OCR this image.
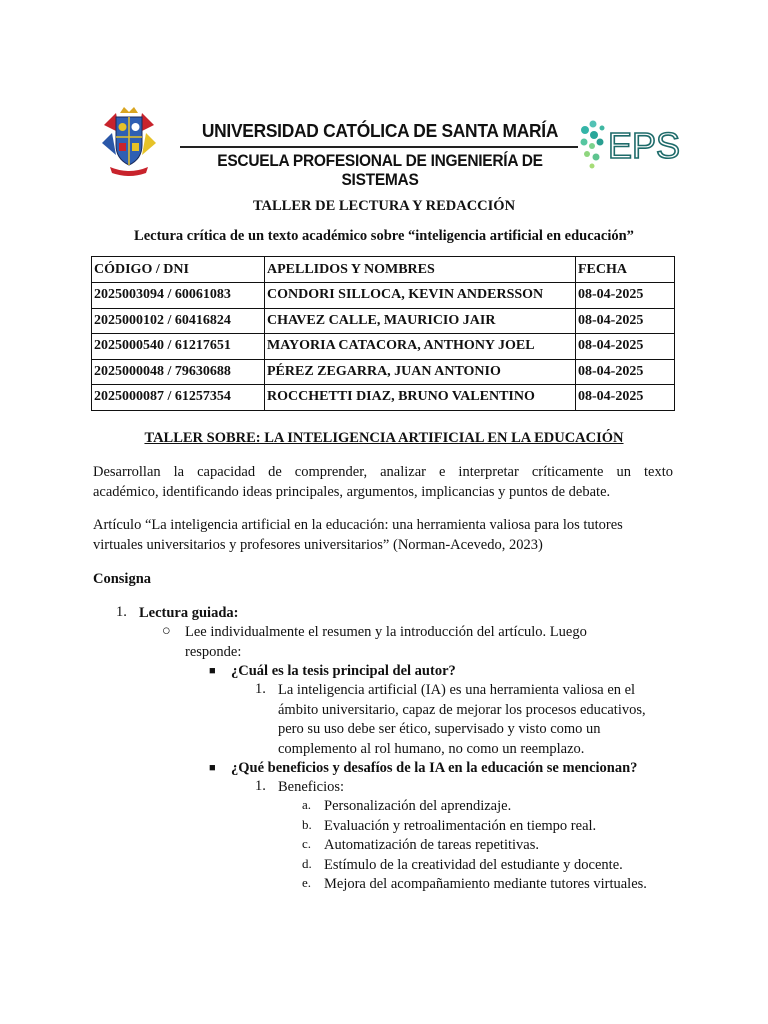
UNIVERSIDAD CATÓLICA DE SANTA MARÍA
ESCUELA PROFESIONAL DE INGENIERÍA DE SISTEMAS
EPS
TALLER DE LECTURA Y REDACCIÓN
Lectura crítica de un texto académico sobre “inteligencia artificial en educación”
CÓDIGO / DNI	APELLIDOS Y NOMBRES	FECHA
2025003094 / 60061083	CONDORI SILLOCA, KEVIN ANDERSSON	08-04-2025
2025000102 / 60416824	CHAVEZ CALLE, MAURICIO JAIR	08-04-2025
2025000540 / 61217651	MAYORIA CATACORA, ANTHONY JOEL	08-04-2025
2025000048 / 79630688	PÉREZ ZEGARRA, JUAN ANTONIO	08-04-2025
2025000087 / 61257354	ROCCHETTI DIAZ, BRUNO VALENTINO	08-04-2025
TALLER SOBRE: LA INTELIGENCIA ARTIFICIAL EN LA EDUCACIÓN
Desarrollan la capacidad de comprender, analizar e interpretar críticamente un texto
académico, identificando ideas principales, argumentos, implicancias y puntos de debate.
Artículo “La inteligencia artificial en la educación: una herramienta valiosa para los tutores
virtuales universitarios y profesores universitarios” (Norman-Acevedo, 2023)
Consigna
1. Lectura guiada:
○ Lee individualmente el resumen y la introducción del artículo. Luego
responde:
■ ¿Cuál es la tesis principal del autor?
1. La inteligencia artificial (IA) es una herramienta valiosa en el
ámbito universitario, capaz de mejorar los procesos educativos,
pero su uso debe ser ético, supervisado y visto como un
complemento al rol humano, no como un reemplazo.
■ ¿Qué beneficios y desafíos de la IA en la educación se mencionan?
1. Beneficios:
a. Personalización del aprendizaje.
b. Evaluación y retroalimentación en tiempo real.
c. Automatización de tareas repetitivas.
d. Estímulo de la creatividad del estudiante y docente.
e. Mejora del acompañamiento mediante tutores virtuales.
